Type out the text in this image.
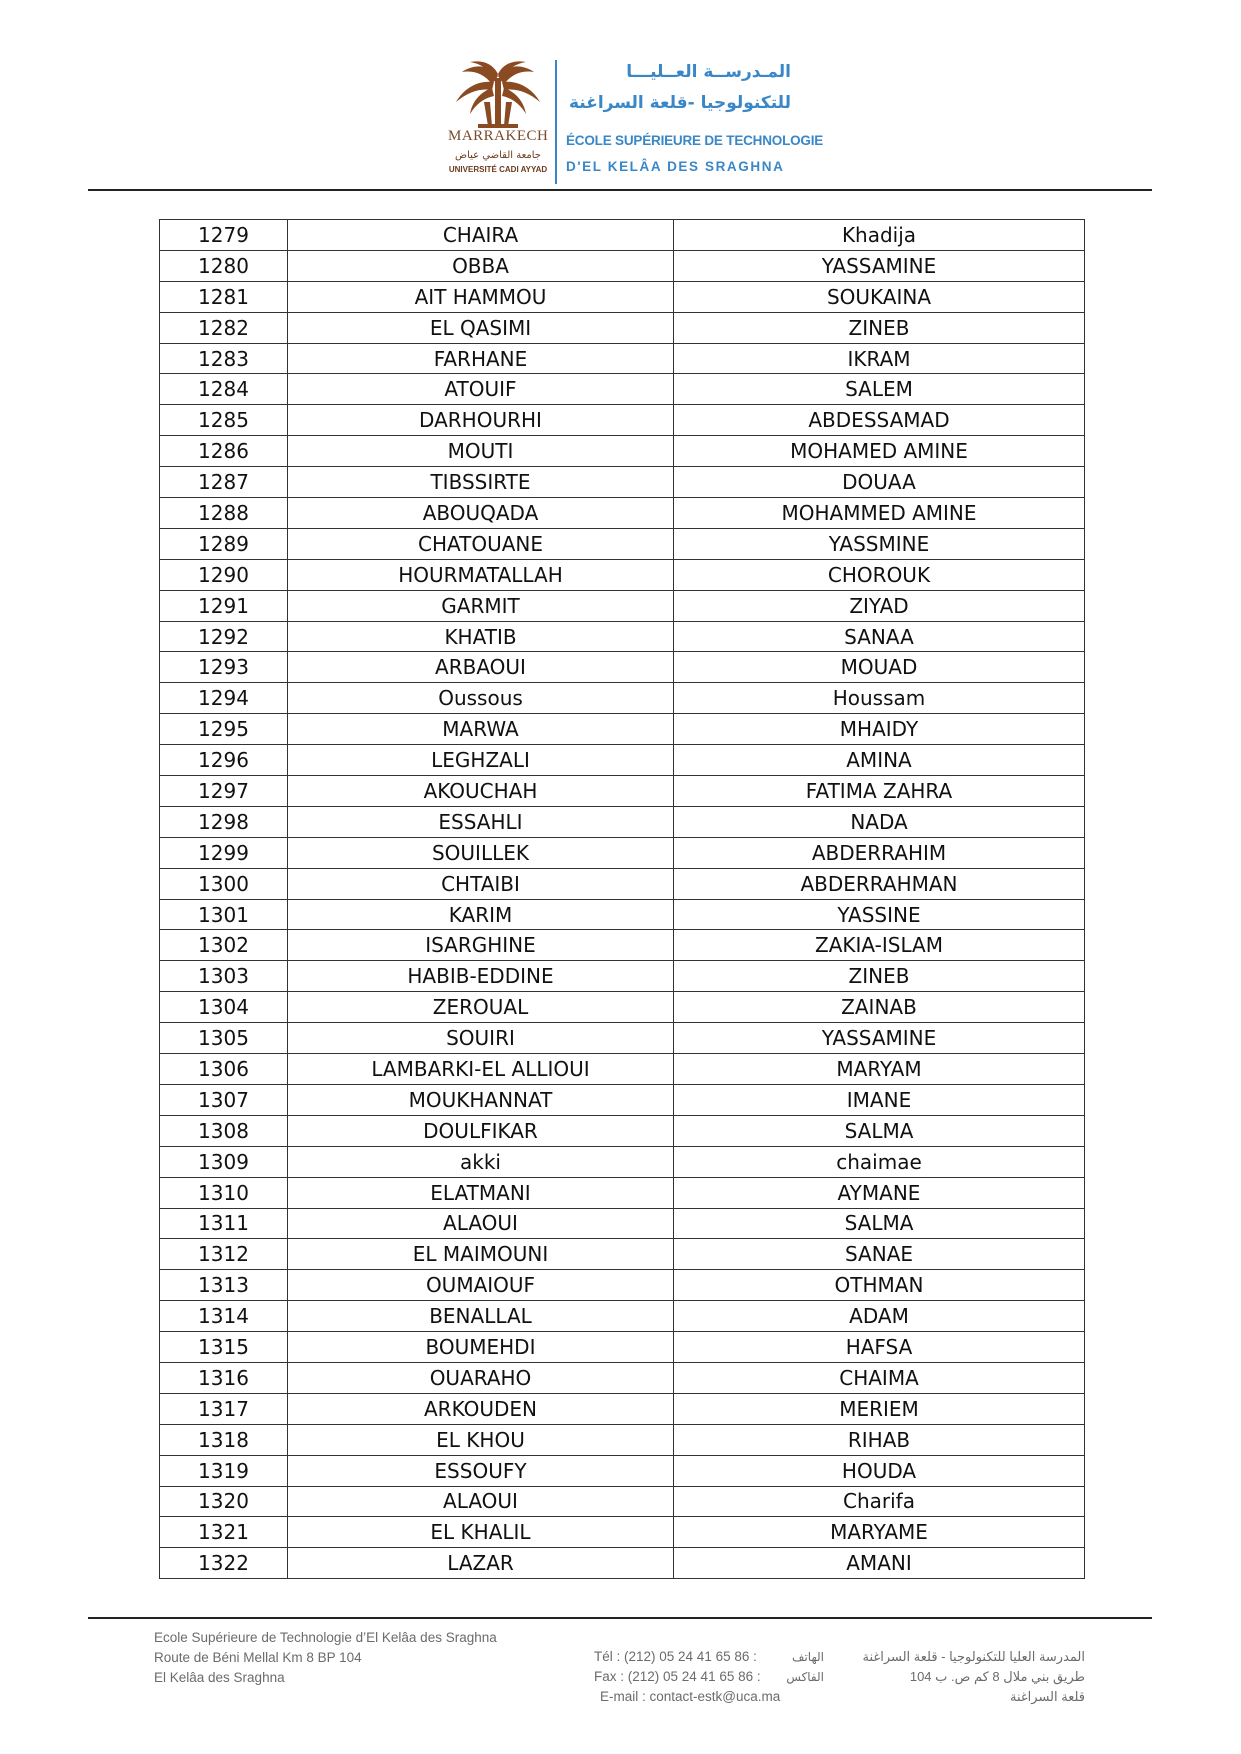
MARRAKECH
جامعة القاضي عياض
UNIVERSITÉ CADI AYYAD
المـدرســة العــليـــا
للتكنولوجيا -قلعة السراغنة
ÉCOLE SUPÉRIEURE DE TECHNOLOGIE
D'EL KELÂA DES SRAGHNA
1279	CHAIRA	Khadija
1280	OBBA	YASSAMINE
1281	AIT HAMMOU	SOUKAINA
1282	EL QASIMI	ZINEB
1283	FARHANE	IKRAM
1284	ATOUIF	SALEM
1285	DARHOURHI	ABDESSAMAD
1286	MOUTI	MOHAMED AMINE
1287	TIBSSIRTE	DOUAA
1288	ABOUQADA	MOHAMMED AMINE
1289	CHATOUANE	YASSMINE
1290	HOURMATALLAH	CHOROUK
1291	GARMIT	ZIYAD
1292	KHATIB	SANAA
1293	ARBAOUI	MOUAD
1294	Oussous	Houssam
1295	MARWA	MHAIDY
1296	LEGHZALI	AMINA
1297	AKOUCHAH	FATIMA ZAHRA
1298	ESSAHLI	NADA
1299	SOUILLEK	ABDERRAHIM
1300	CHTAIBI	ABDERRAHMAN
1301	KARIM	YASSINE
1302	ISARGHINE	ZAKIA-ISLAM
1303	HABIB-EDDINE	ZINEB
1304	ZEROUAL	ZAINAB
1305	SOUIRI	YASSAMINE
1306	LAMBARKI-EL ALLIOUI	MARYAM
1307	MOUKHANNAT	IMANE
1308	DOULFIKAR	SALMA
1309	akki	chaimae
1310	ELATMANI	AYMANE
1311	ALAOUI	SALMA
1312	EL MAIMOUNI	SANAE
1313	OUMAIOUF	OTHMAN
1314	BENALLAL	ADAM
1315	BOUMEHDI	HAFSA
1316	OUARAHO	CHAIMA
1317	ARKOUDEN	MERIEM
1318	EL KHOU	RIHAB
1319	ESSOUFY	HOUDA
1320	ALAOUI	Charifa
1321	EL KHALIL	MARYAME
1322	LAZAR	AMANI
Ecole Supérieure de Technologie d’El Kelâa des Sraghna
Route de Béni Mellal Km 8 BP 104
El Kelâa des Sraghna
Tél : (212) 05 24 41 65 86 :	الهاتف
Fax : (212) 05 24 41 65 86 : الفاكس
E-mail : contact-estk@uca.ma
المدرسة العليا للتكنولوجيا - قلعة السراغنة
طريق بني ملال 8 كم ص. ب 104
قلعة السراغنة
